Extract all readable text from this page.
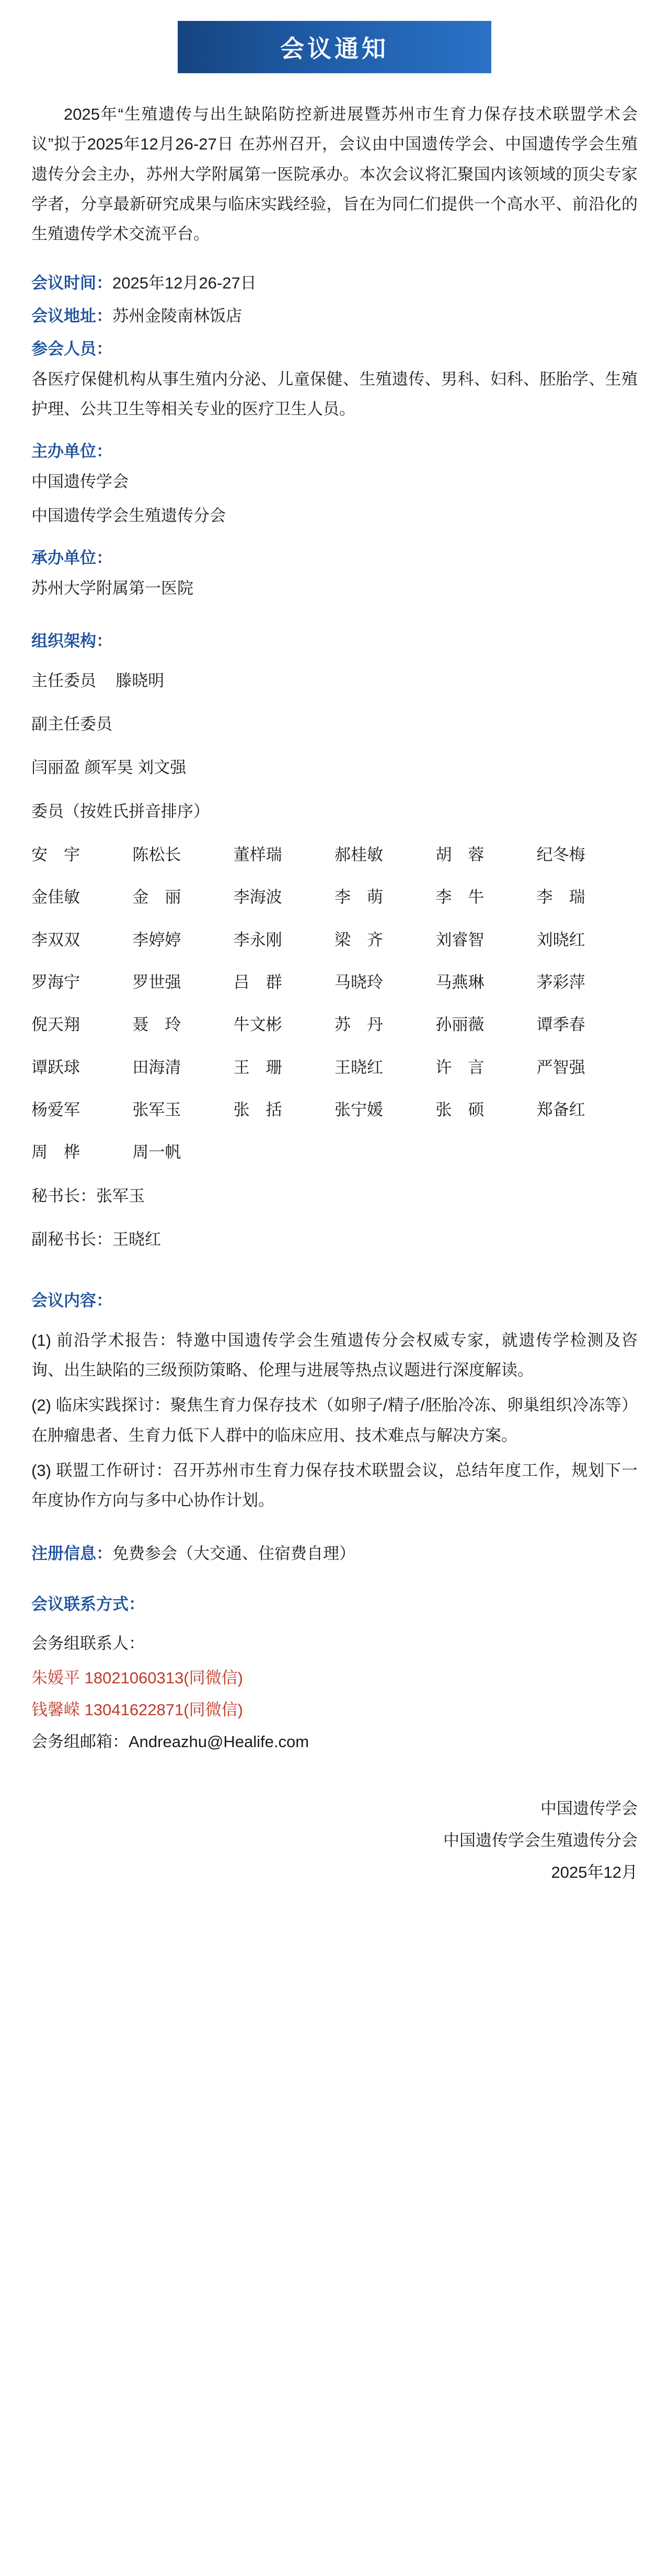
会议通知

2025年“生殖遗传与出生缺陷防控新进展暨苏州市生育力保存技术联盟学术会议”拟于2025年12月26-27日 在苏州召开，会议由中国遗传学会、中国遗传学会生殖遗传分会主办，苏州大学附属第一医院承办。本次会议将汇聚国内该领域的顶尖专家学者，分享最新研究成果与临床实践经验，旨在为同仁们提供一个高水平、前沿化的生殖遗传学术交流平台。

会议时间：2025年12月26-27日
会议地址：苏州金陵南林饭店
参会人员：
各医疗保健机构从事生殖内分泌、儿童保健、生殖遗传、男科、妇科、胚胎学、生殖护理、公共卫生等相关专业的医疗卫生人员。
主办单位：
中国遗传学会
中国遗传学会生殖遗传分会
承办单位：
苏州大学附属第一医院
组织架构：
主任委员 滕晓明
副主任委员
闫丽盈 颜军昊 刘文强
委员（按姓氏拼音排序）
安　宇	陈松长	董样瑞	郝桂敏	胡　蓉	纪冬梅
金佳敏	金　丽	李海波	李　萌	李　牛	李　瑞
李双双	李婷婷	李永刚	梁　齐	刘睿智	刘晓红
罗海宁	罗世强	吕　群	马晓玲	马燕琳	茅彩萍
倪天翔	聂　玲	牛文彬	苏　丹	孙丽薇	谭季春
谭跃球	田海清	王　珊	王晓红	许　言	严智强
杨爱军	张军玉	张　括	张宁媛	张　硕	郑备红
周　桦	周一帆
秘书长：张军玉
副秘书长：王晓红
会议内容：
(1) 前沿学术报告：特邀中国遗传学会生殖遗传分会权威专家，就遗传学检测及咨询、出生缺陷的三级预防策略、伦理与进展等热点议题进行深度解读。
(2) 临床实践探讨：聚焦生育力保存技术（如卵子/精子/胚胎冷冻、卵巢组织冷冻等）在肿瘤患者、生育力低下人群中的临床应用、技术难点与解决方案。
(3) 联盟工作研讨：召开苏州市生育力保存技术联盟会议，总结年度工作，规划下一年度协作方向与多中心协作计划。
注册信息：免费参会（大交通、住宿费自理）
会议联系方式：
会务组联系人：
朱媛平 18021060313(同微信)
钱馨嵘 13041622871(同微信)
会务组邮箱：Andreazhu@Healife.com
中国遗传学会
中国遗传学会生殖遗传分会
2025年12月
